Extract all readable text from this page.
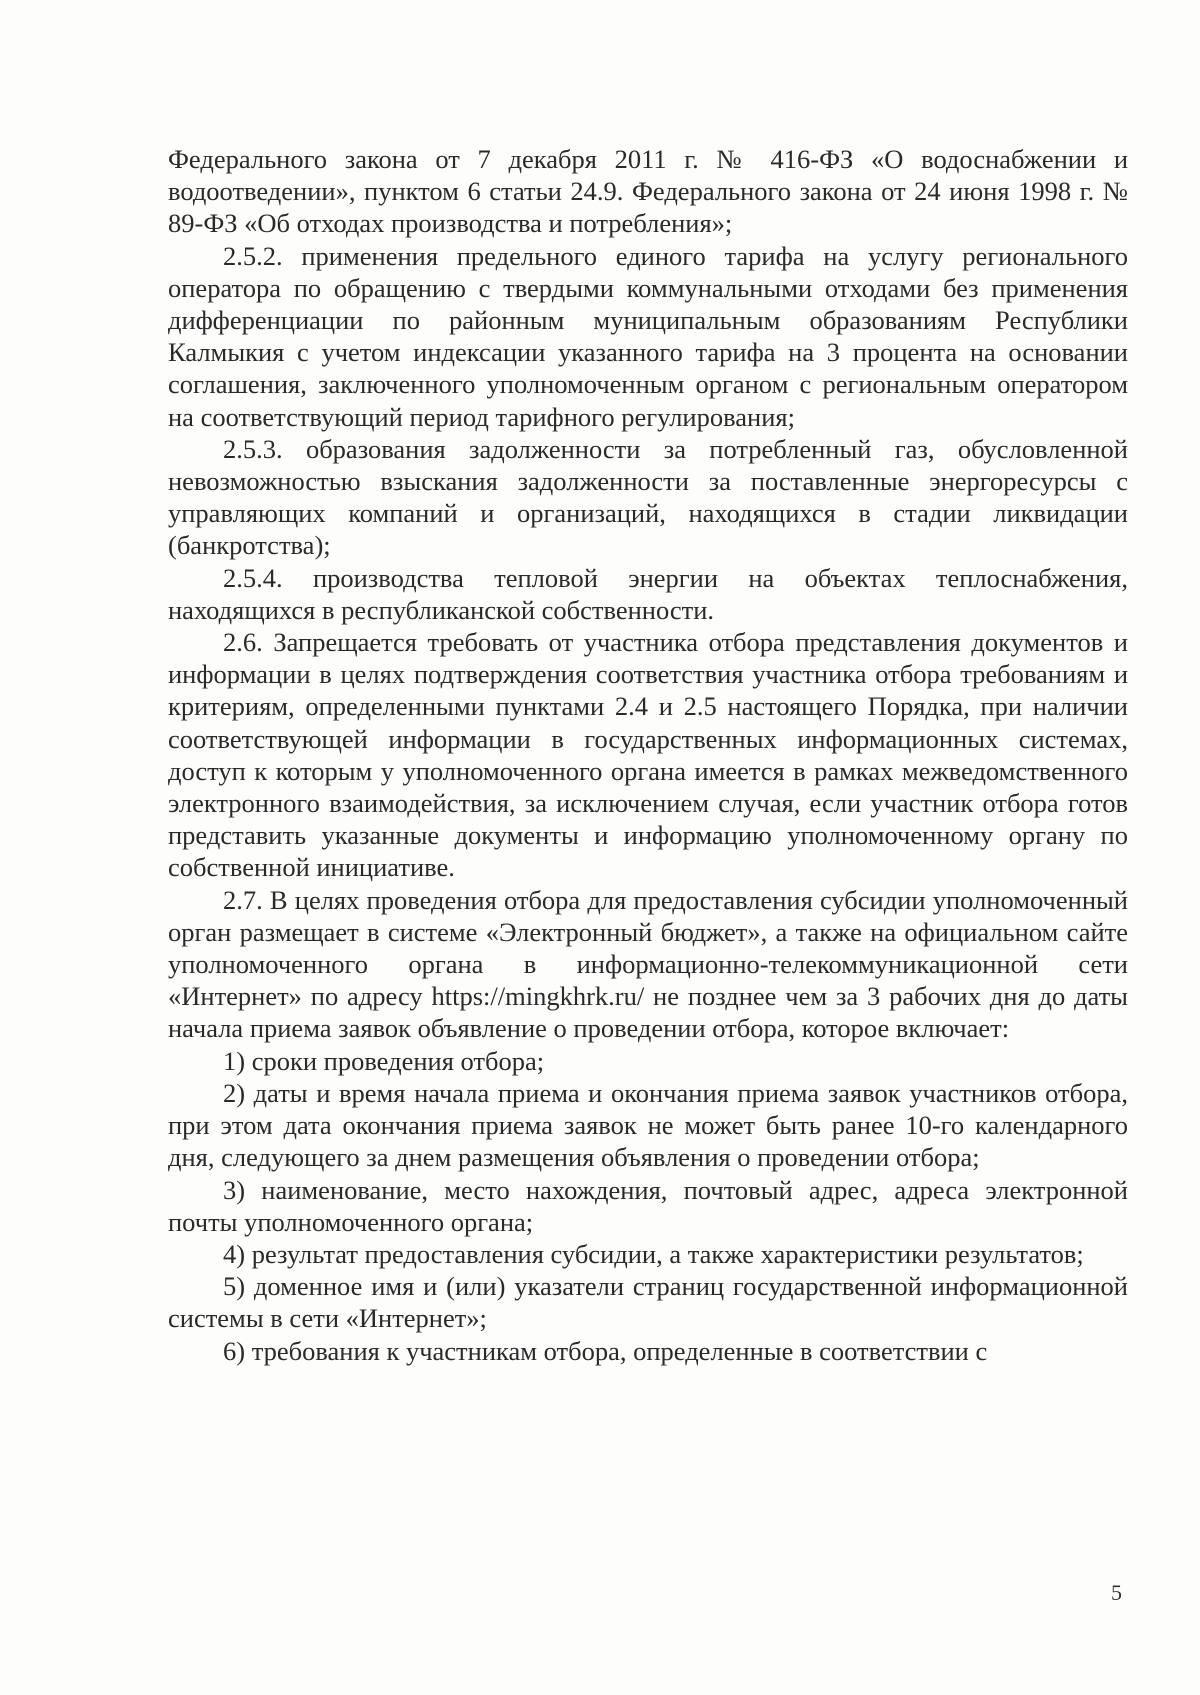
Федерального закона от 7 декабря 2011 г. № 416-ФЗ «О водоснабжении и водоотведении», пунктом 6 статьи 24.9. Федерального закона от 24 июня 1998 г. № 89-ФЗ «Об отходах производства и потребления»;

2.5.2. применения предельного единого тарифа на услугу регионального оператора по обращению с твердыми коммунальными отходами без применения дифференциации по районным муниципальным образованиям Республики Калмыкия с учетом индексации указанного тарифа на 3 процента на основании соглашения, заключенного уполномоченным органом с региональным оператором на соответствующий период тарифного регулирования;

2.5.3. образования задолженности за потребленный газ, обусловленной невозможностью взыскания задолженности за поставленные энергоресурсы с управляющих компаний и организаций, находящихся в стадии ликвидации (банкротства);

2.5.4. производства тепловой энергии на объектах теплоснабжения, находящихся в республиканской собственности.

2.6. Запрещается требовать от участника отбора представления документов и информации в целях подтверждения соответствия участника отбора требованиям и критериям, определенными пунктами 2.4 и 2.5 настоящего Порядка, при наличии соответствующей информации в государственных информационных системах, доступ к которым у уполномоченного органа имеется в рамках межведомственного электронного взаимодействия, за исключением случая, если участник отбора готов представить указанные документы и информацию уполномоченному органу по собственной инициативе.

2.7. В целях проведения отбора для предоставления субсидии уполномоченный орган размещает в системе «Электронный бюджет», а также на официальном сайте уполномоченного органа в информационно-телекоммуникационной сети «Интернет» по адресу https://mingkhrk.ru/ не позднее чем за 3 рабочих дня до даты начала приема заявок объявление о проведении отбора, которое включает:

1) сроки проведения отбора;

2) даты и время начала приема и окончания приема заявок участников отбора, при этом дата окончания приема заявок не может быть ранее 10-го календарного дня, следующего за днем размещения объявления о проведении отбора;

3) наименование, место нахождения, почтовый адрес, адреса электронной почты уполномоченного органа;

4) результат предоставления субсидии, а также характеристики результатов;

5) доменное имя и (или) указатели страниц государственной информационной системы в сети «Интернет»;

6) требования к участникам отбора, определенные в соответствии с

5
